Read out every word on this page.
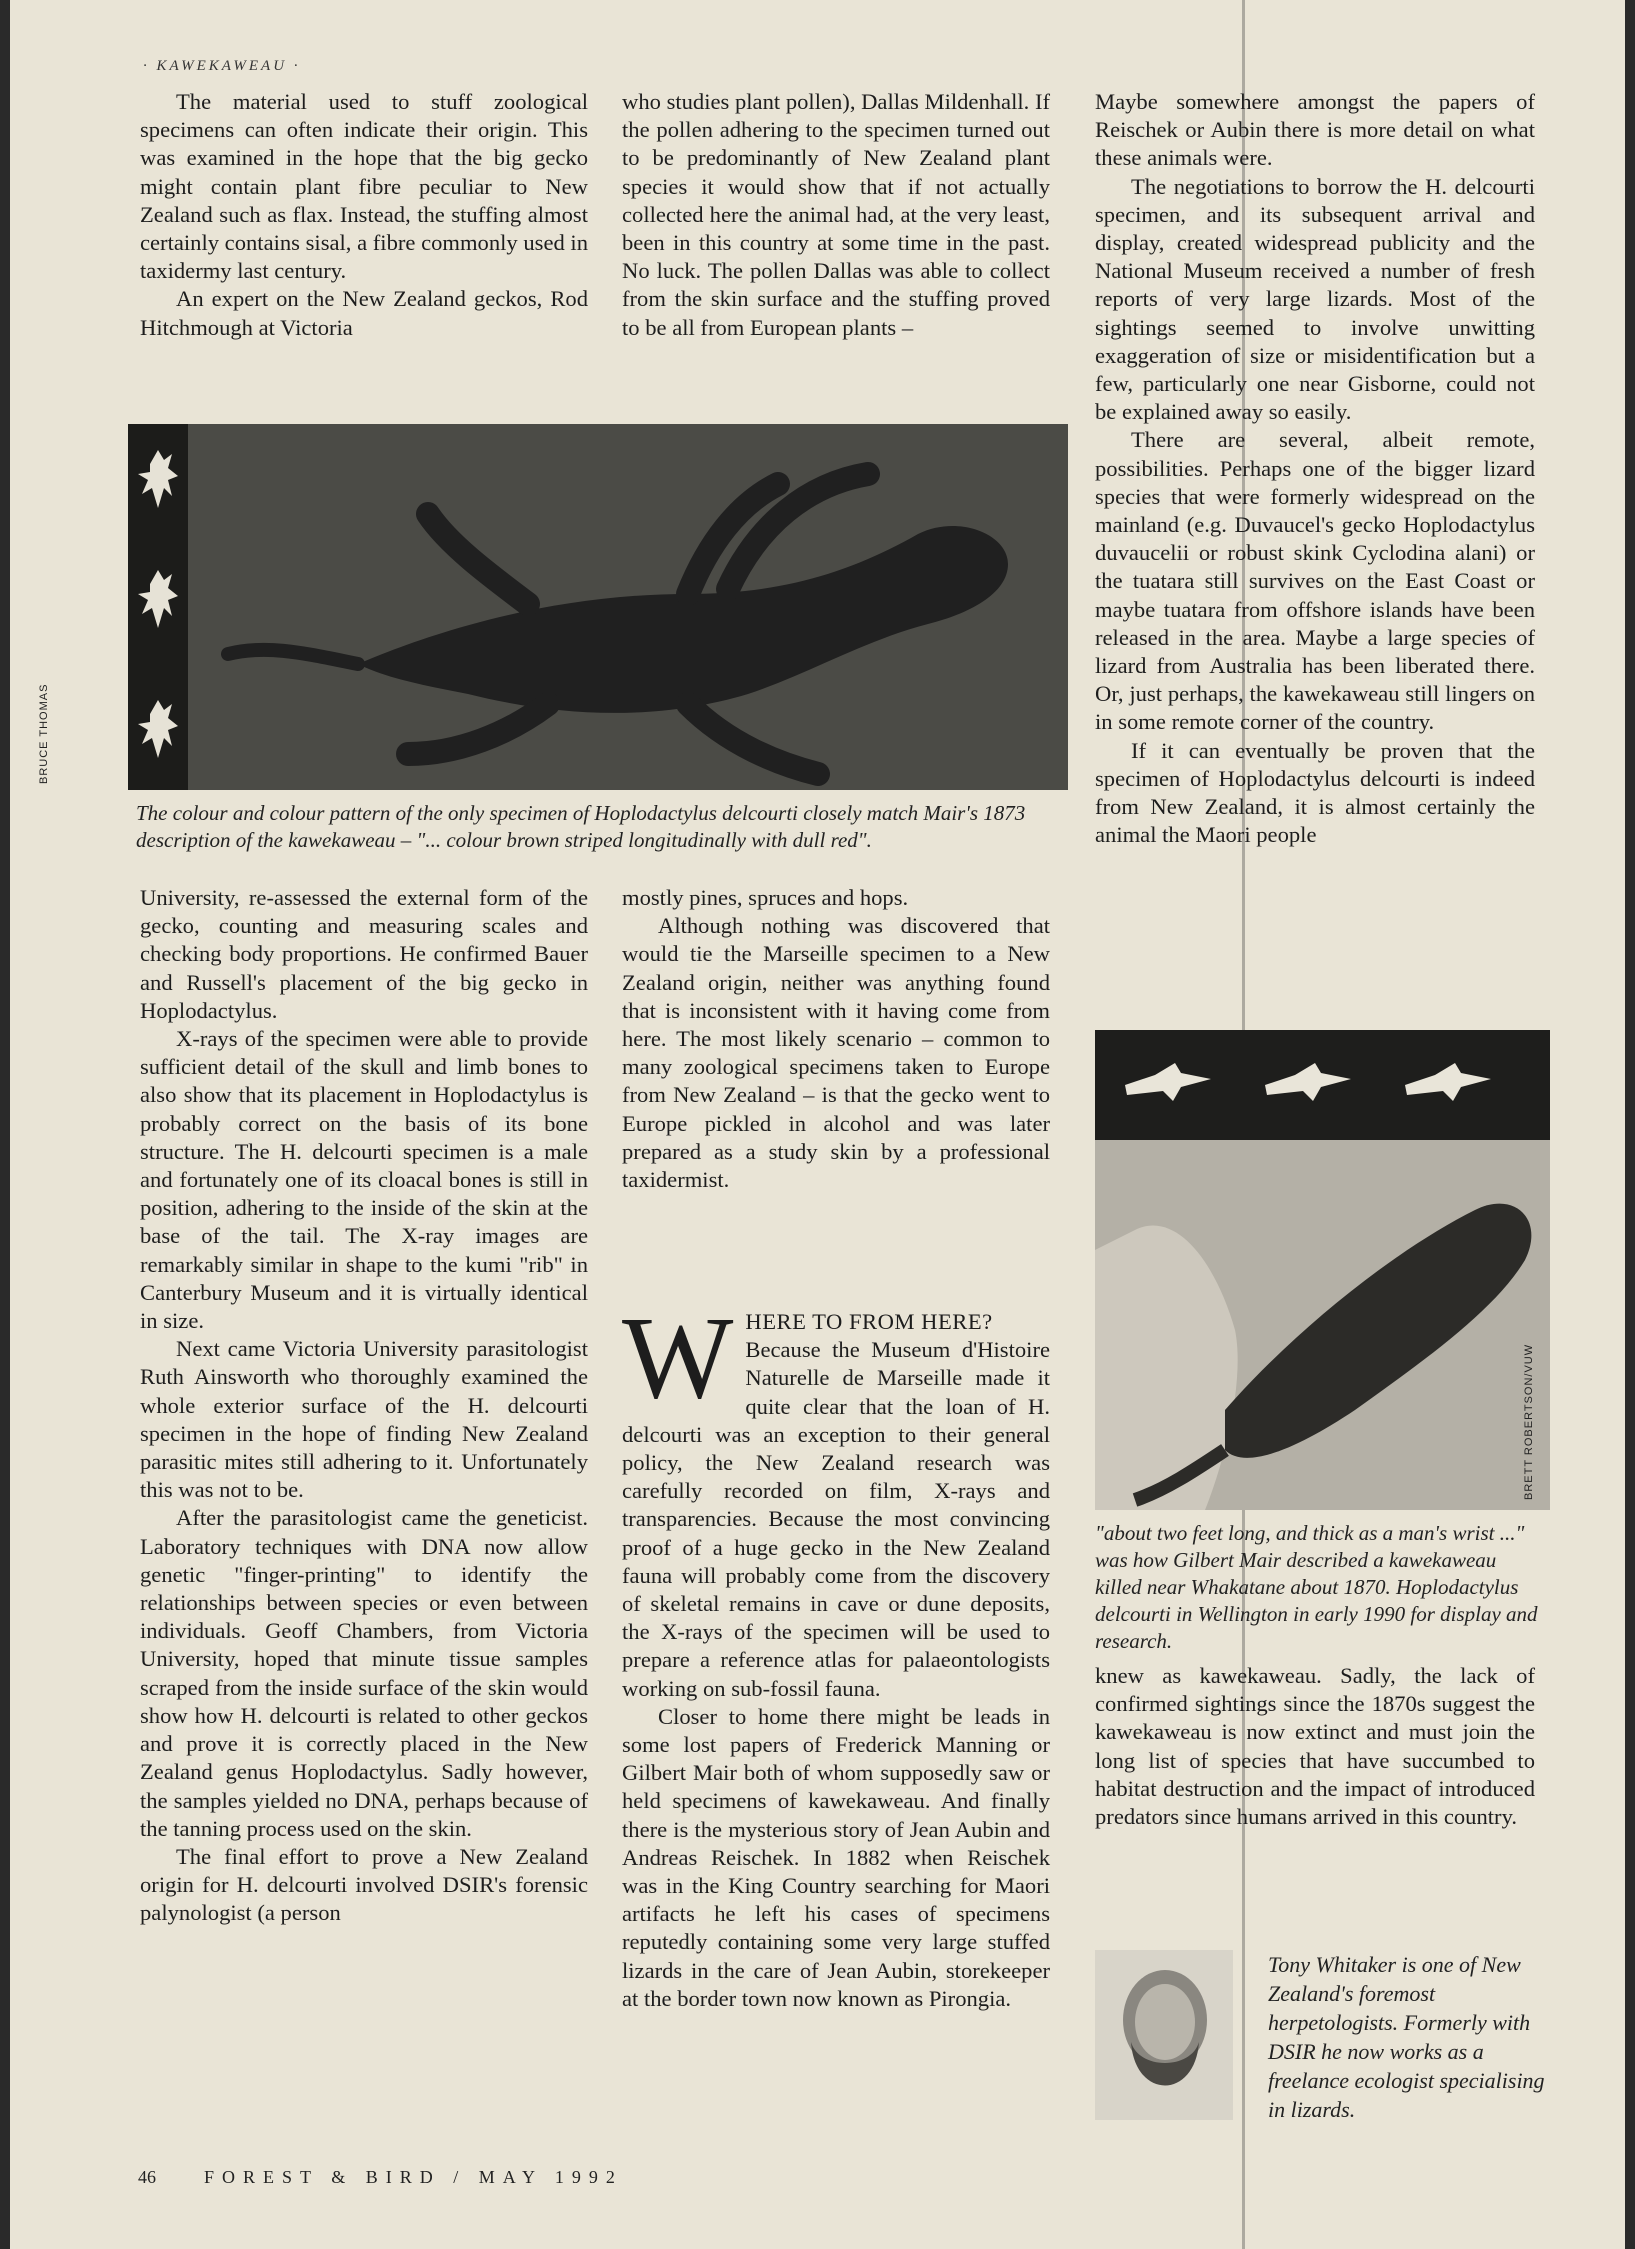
· KAWEKAWEAU ·

The material used to stuff zoological specimens can often indicate their origin. This was examined in the hope that the big gecko might contain plant fibre peculiar to New Zealand such as flax. Instead, the stuffing almost certainly contains sisal, a fibre commonly used in taxidermy last century.

An expert on the New Zealand geckos, Rod Hitchmough at Victoria

who studies plant pollen), Dallas Mildenhall. If the pollen adhering to the specimen turned out to be predominantly of New Zealand plant species it would show that if not actually collected here the animal had, at the very least, been in this country at some time in the past. No luck. The pollen Dallas was able to collect from the skin surface and the stuffing proved to be all from European plants –

BRUCE THOMAS
The colour and colour pattern of the only specimen of Hoplodactylus delcourti closely match Mair's 1873 description of the kawekaweau – "... colour brown striped longitudinally with dull red".

University, re-assessed the external form of the gecko, counting and measuring scales and checking body proportions. He confirmed Bauer and Russell's placement of the big gecko in Hoplodactylus.

X-rays of the specimen were able to provide sufficient detail of the skull and limb bones to also show that its placement in Hoplodactylus is probably correct on the basis of its bone structure. The H. delcourti specimen is a male and fortunately one of its cloacal bones is still in position, adhering to the inside of the skin at the base of the tail. The X-ray images are remarkably similar in shape to the kumi "rib" in Canterbury Museum and it is virtually identical in size.

Next came Victoria University parasitologist Ruth Ainsworth who thoroughly examined the whole exterior surface of the H. delcourti specimen in the hope of finding New Zealand parasitic mites still adhering to it. Unfortunately this was not to be.

After the parasitologist came the geneticist. Laboratory techniques with DNA now allow genetic "finger-printing" to identify the relationships between species or even between individuals. Geoff Chambers, from Victoria University, hoped that minute tissue samples scraped from the inside surface of the skin would show how H. delcourti is related to other geckos and prove it is correctly placed in the New Zealand genus Hoplodactylus. Sadly however, the samples yielded no DNA, perhaps because of the tanning process used on the skin.

The final effort to prove a New Zealand origin for H. delcourti involved DSIR's forensic palynologist (a person

mostly pines, spruces and hops.

Although nothing was discovered that would tie the Marseille specimen to a New Zealand origin, neither was anything found that is inconsistent with it having come from here. The most likely scenario – common to many zoological specimens taken to Europe from New Zealand – is that the gecko went to Europe pickled in alcohol and was later prepared as a study skin by a professional taxidermist.

WHERE TO FROM HERE?
Because the Museum d'Histoire Naturelle de Marseille made it quite clear that the loan of H. delcourti was an exception to their general policy, the New Zealand research was carefully recorded on film, X-rays and transparencies. Because the most convincing proof of a huge gecko in the New Zealand fauna will probably come from the discovery of skeletal remains in cave or dune deposits, the X-rays of the specimen will be used to prepare a reference atlas for palaeontologists working on sub-fossil fauna.

Closer to home there might be leads in some lost papers of Frederick Manning or Gilbert Mair both of whom supposedly saw or held specimens of kawekaweau. And finally there is the mysterious story of Jean Aubin and Andreas Reischek. In 1882 when Reischek was in the King Country searching for Maori artifacts he left his cases of specimens reputedly containing some very large stuffed lizards in the care of Jean Aubin, storekeeper at the border town now known as Pirongia.

Maybe somewhere amongst the papers of Reischek or Aubin there is more detail on what these animals were.

The negotiations to borrow the H. delcourti specimen, and its subsequent arrival and display, created widespread publicity and the National Museum received a number of fresh reports of very large lizards. Most of the sightings seemed to involve unwitting exaggeration of size or misidentification but a few, particularly one near Gisborne, could not be explained away so easily.

There are several, albeit remote, possibilities. Perhaps one of the bigger lizard species that were formerly widespread on the mainland (e.g. Duvaucel's gecko Hoplodactylus duvaucelii or robust skink Cyclodina alani) or the tuatara still survives on the East Coast or maybe tuatara from offshore islands have been released in the area. Maybe a large species of lizard from Australia has been liberated there. Or, just perhaps, the kawekaweau still lingers on in some remote corner of the country.

If it can eventually be proven that the specimen of Hoplodactylus delcourti is indeed from New Zealand, it is almost certainly the animal the Maori people

BRETT ROBERTSON/VUW
"about two feet long, and thick as a man's wrist ..." was how Gilbert Mair described a kawekaweau killed near Whakatane about 1870. Hoplodactylus delcourti in Wellington in early 1990 for display and research.

knew as kawekaweau. Sadly, the lack of confirmed sightings since the 1870s suggest the kawekaweau is now extinct and must join the long list of species that have succumbed to habitat destruction and the impact of introduced predators since humans arrived in this country.

Tony Whitaker is one of New Zealand's foremost herpetologists. Formerly with DSIR he now works as a freelance ecologist specialising in lizards.
46	FOREST & BIRD / MAY 1992
